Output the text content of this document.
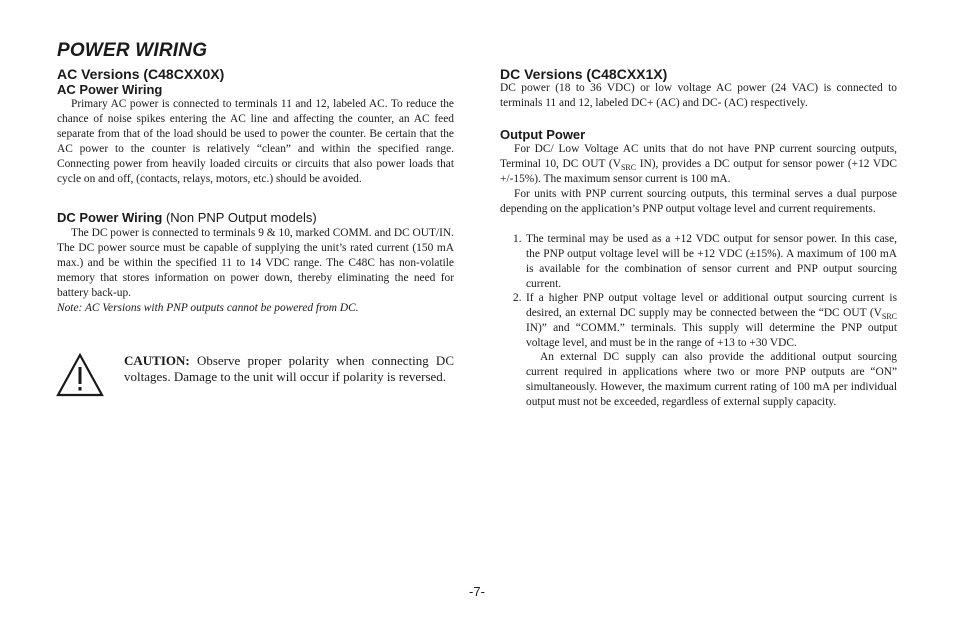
POWER WIRING
AC Versions (C48CXX0X)
AC Power Wiring

Primary AC power is connected to terminals 11 and 12, labeled AC. To reduce the chance of noise spikes entering the AC line and affecting the counter, an AC feed separate from that of the load should be used to power the counter. Be certain that the AC power to the counter is relatively “clean” and within the specified range. Connecting power from heavily loaded circuits or circuits that also power loads that cycle on and off, (contacts, relays, motors, etc.) should be avoided.

DC Power Wiring (Non PNP Output models)

The DC power is connected to terminals 9 & 10, marked COMM. and DC OUT/IN. The DC power source must be capable of supplying the unit’s rated current (150 mA max.) and be within the specified 11 to 14 VDC range. The C48C has non-volatile memory that stores information on power down, thereby eliminating the need for battery back-up.

Note: AC Versions with PNP outputs cannot be powered from DC.

CAUTION: Observe proper polarity when connecting DC voltages. Damage to the unit will occur if polarity is reversed.

DC Versions (C48CXX1X)

DC power (18 to 36 VDC) or low voltage AC power (24 VAC) is connected to terminals 11 and 12, labeled DC+ (AC) and DC- (AC) respectively.

Output Power

For DC/ Low Voltage AC units that do not have PNP current sourcing outputs, Terminal 10, DC OUT ($V_{SRC}$ IN), provides a DC output for sensor power (+12 VDC +/-15%). The maximum sensor current is 100 mA.

For units with PNP current sourcing outputs, this terminal serves a dual purpose depending on the application’s PNP output voltage level and current requirements.

1. The terminal may be used as a +12 VDC output for sensor power. In this case, the PNP output voltage level will be +12 VDC (±15%). A maximum of 100 mA is available for the combination of sensor current and PNP output sourcing current.

2. If a higher PNP output voltage level or additional output sourcing current is desired, an external DC supply may be connected between the “DC OUT ($V_{SRC}$ IN)” and “COMM.” terminals. This supply will determine the PNP output voltage level, and must be in the range of +13 to +30 VDC.

An external DC supply can also provide the additional output sourcing current required in applications where two or more PNP outputs are “ON” simultaneously. However, the maximum current rating of 100 mA per individual output must not be exceeded, regardless of external supply capacity.

-7-
